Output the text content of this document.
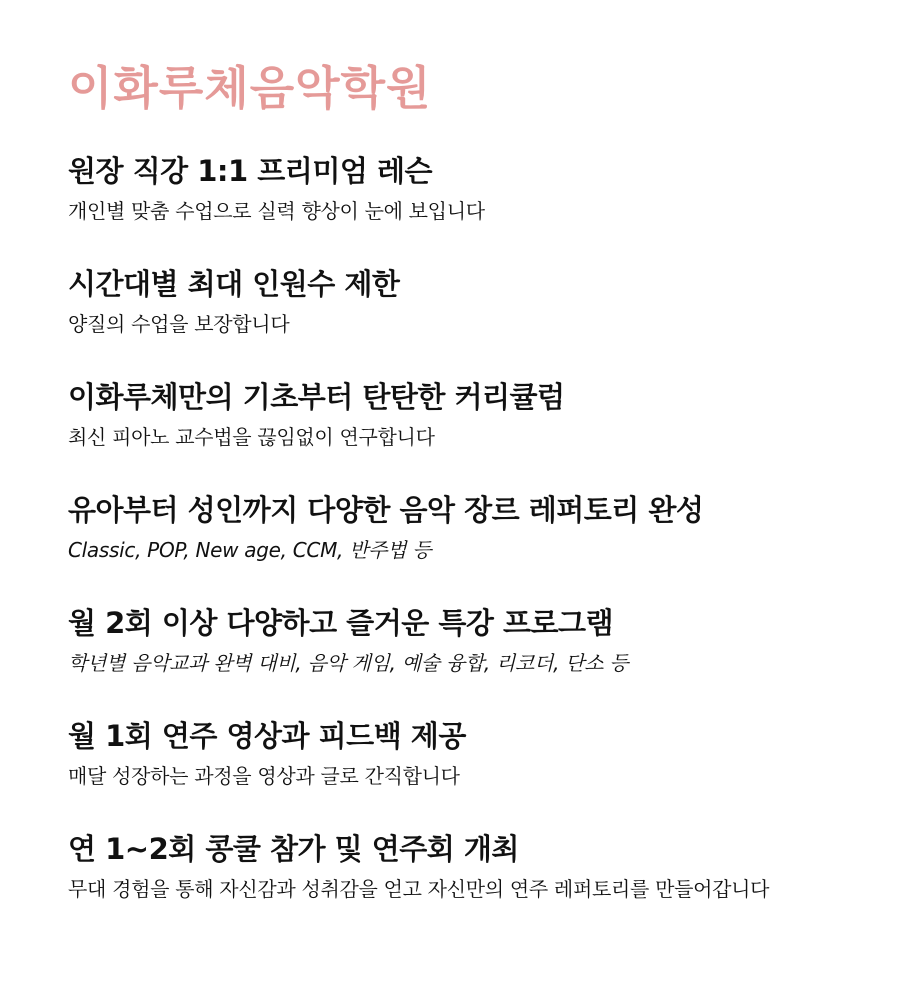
이화루체음악학원
원장 직강 1:1 프리미엄 레슨

개인별 맞춤 수업으로 실력 향상이 눈에 보입니다

시간대별 최대 인원수 제한

양질의 수업을 보장합니다

이화루체만의 기초부터 탄탄한 커리큘럼

최신 피아노 교수법을 끊임없이 연구합니다

유아부터 성인까지 다양한 음악 장르 레퍼토리 완성

Classic, POP, New age, CCM, 반주법 등

월 2회 이상 다양하고 즐거운 특강 프로그램

학년별 음악교과 완벽 대비, 음악 게임, 예술 융합, 리코더, 단소 등

월 1회 연주 영상과 피드백 제공

매달 성장하는 과정을 영상과 글로 간직합니다

연 1~2회 콩쿨 참가 및 연주회 개최

무대 경험을 통해 자신감과 성취감을 얻고 자신만의 연주 레퍼토리를 만들어갑니다
